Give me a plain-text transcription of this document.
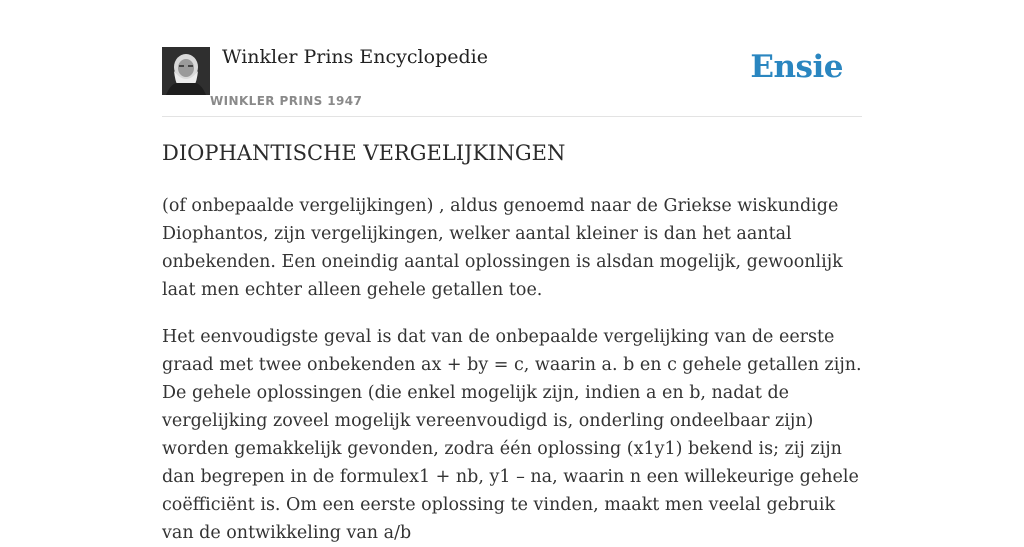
Winkler Prins Encyclopedie
WINKLER PRINS 1947
Ensie
DIOPHANTISCHE VERGELIJKINGEN

(of onbepaalde vergelijkingen) , aldus genoemd naar de Griekse wiskundige Diophantos, zijn vergelijkingen, welker aantal kleiner is dan het aantal onbekenden. Een oneindig aantal oplossingen is alsdan mogelijk, gewoonlijk laat men echter alleen gehele getallen toe.

Het eenvoudigste geval is dat van de onbepaalde vergelijking van de eerste graad met twee onbekenden ax + by = c, waarin a. b en c gehele getallen zijn. De gehele oplossingen (die enkel mogelijk zijn, indien a en b, nadat de vergelijking zoveel mogelijk vereenvoudigd is, onderling ondeelbaar zijn) worden gemakkelijk gevonden, zodra één oplossing (x1y1) bekend is; zij zijn dan begrepen in de formulex1 + nb, y1 – na, waarin n een willekeurige gehele coëfficiënt is. Om een eerste oplossing te vinden, maakt men veelal gebruik van de ontwikkeling van a/b
